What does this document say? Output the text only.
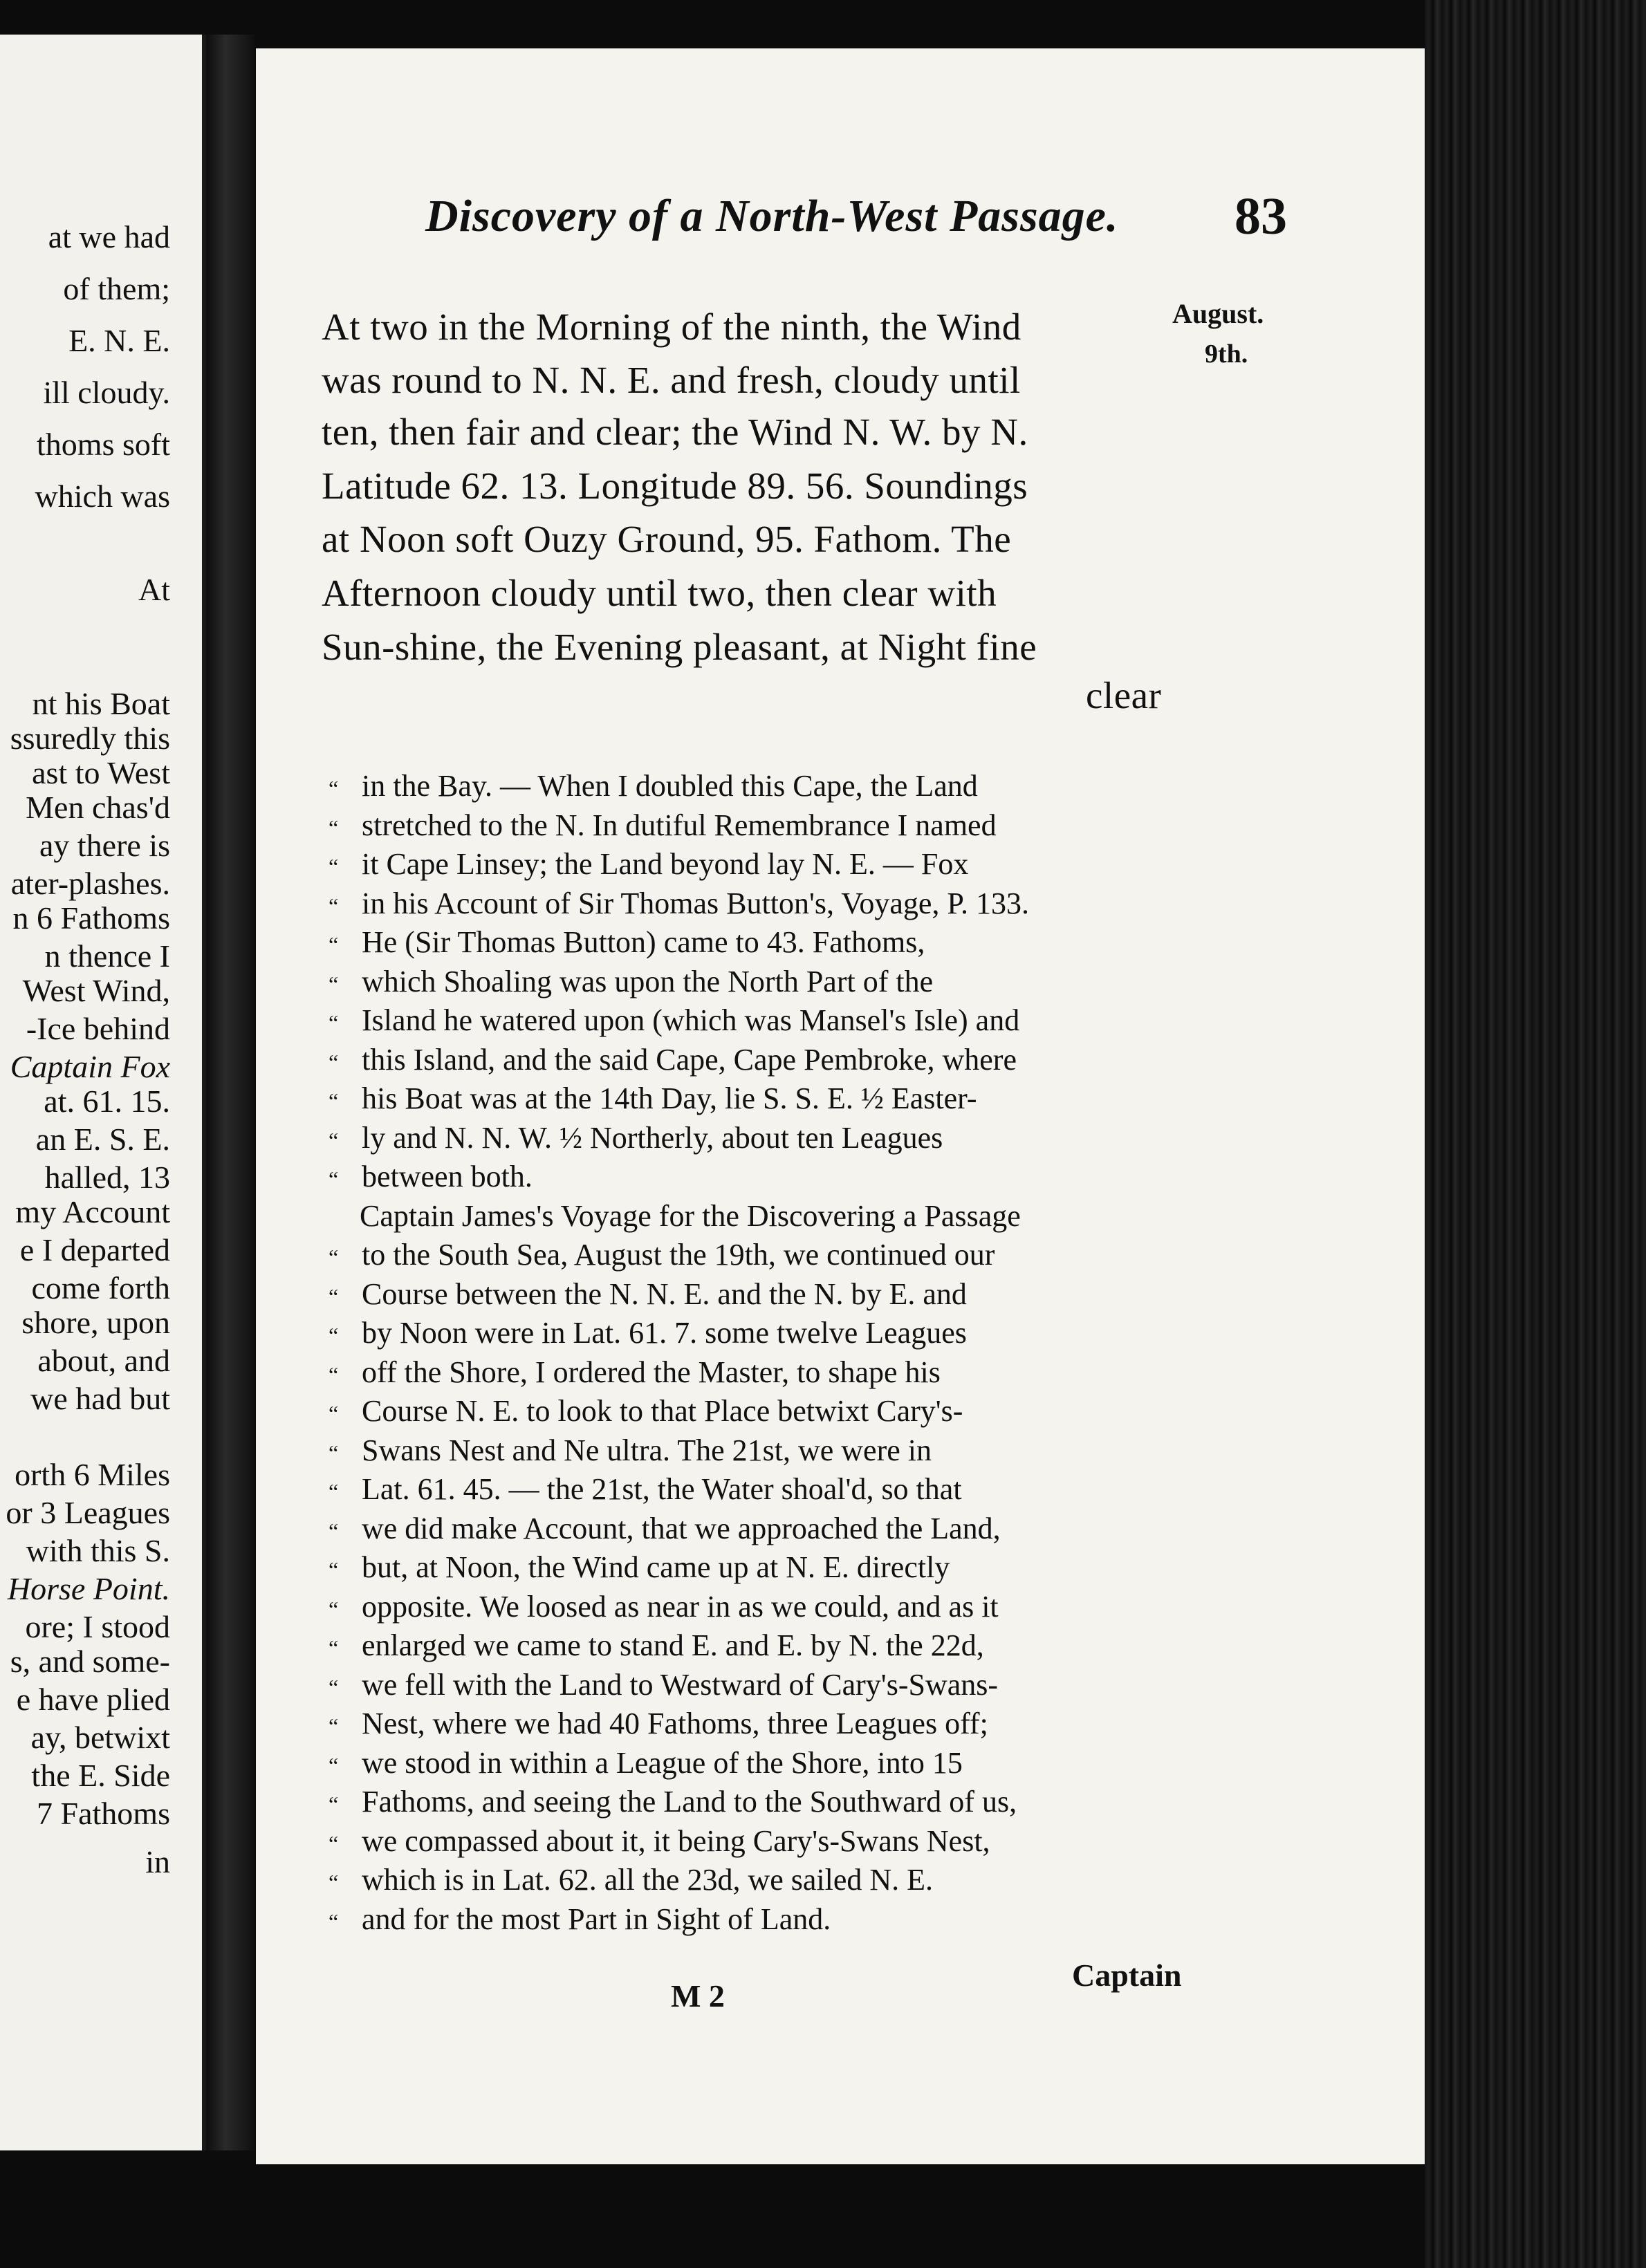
at we had
of them;
E. N. E.
ill cloudy.
thoms soft
which was
At
nt his Boat
ssuredly this
ast to West
Men chas'd
ay there is
ater-plashes.
n 6 Fathoms
n thence I
West Wind,
-Ice behind
Captain Fox
at. 61. 15.
an E. S. E.
halled, 13
my Account
e I departed
come forth
shore, upon
about, and
we had but
orth 6 Miles
or 3 Leagues
with this S.
Horse Point.
ore; I stood
s, and some-
e have plied
ay, betwixt
the E. Side
7 Fathoms
in
Discovery of a North-West Passage. 83
August.
9th.
At two in the Morning of the ninth, the Wind
was round to N. N. E. and fresh, cloudy until
ten, then fair and clear; the Wind N. W. by N.
Latitude 62. 13. Longitude 89. 56. Soundings
at Noon soft Ouzy Ground, 95. Fathom. The
Afternoon cloudy until two, then clear with
Sun-shine, the Evening pleasant, at Night fine
clear
“ in the Bay. — When I doubled this Cape, the Land
“ stretched to the N. In dutiful Remembrance I named
“ it Cape Linsey; the Land beyond lay N. E. — Fox
“ in his Account of Sir Thomas Button's, Voyage, P. 133.
“ He (Sir Thomas Button) came to 43. Fathoms,
“ which Shoaling was upon the North Part of the
“ Island he watered upon (which was Mansel's Isle) and
“ this Island, and the said Cape, Cape Pembroke, where
“ his Boat was at the 14th Day, lie S. S. E. ½ Easter-
“ ly and N. N. W. ½ Northerly, about ten Leagues
“ between both.
Captain James's Voyage for the Discovering a Passage
“ to the South Sea, August the 19th, we continued our
“ Course between the N. N. E. and the N. by E. and
“ by Noon were in Lat. 61. 7. some twelve Leagues
“ off the Shore, I ordered the Master, to shape his
“ Course N. E. to look to that Place betwixt Cary's-
“ Swans Nest and Ne ultra. The 21st, we were in
“ Lat. 61. 45. — the 21st, the Water shoal'd, so that
“ we did make Account, that we approached the Land,
“ but, at Noon, the Wind came up at N. E. directly
“ opposite. We loosed as near in as we could, and as it
“ enlarged we came to stand E. and E. by N. the 22d,
“ we fell with the Land to Westward of Cary's-Swans-
“ Nest, where we had 40 Fathoms, three Leagues off;
“ we stood in within a League of the Shore, into 15
“ Fathoms, and seeing the Land to the Southward of us,
“ we compassed about it, it being Cary's-Swans Nest,
“ which is in Lat. 62. all the 23d, we sailed N. E.
“ and for the most Part in Sight of Land.
M 2
Captain
